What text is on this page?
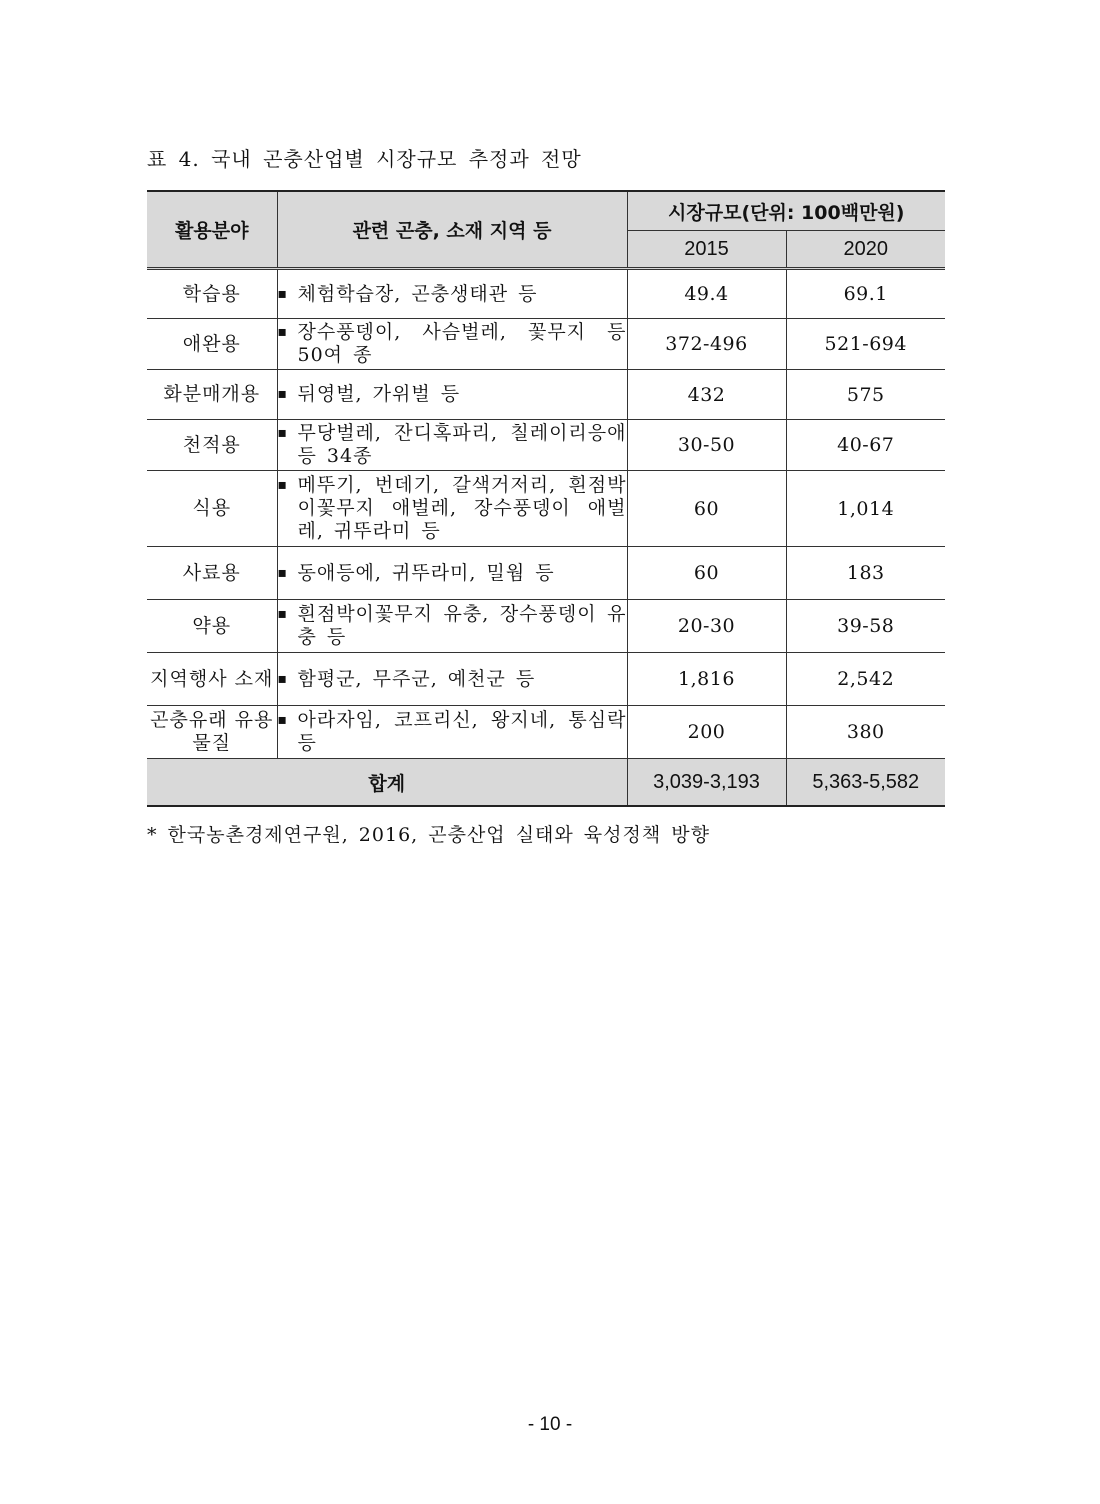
표 4. 국내 곤충산업별 시장규모 추정과 전망
활용분야	관련 곤충, 소재 지역 등	시장규모(단위: 100백만원)	
		2015	2020
학습용	▪ 체험학습장, 곤충생태관 등	49.4	69.1
애완용	▪ 장수풍뎅이, 사슴벌레, 꽃무지 등 50여 종	372-496	521-694
화분매개용	▪ 뒤영벌, 가위벌 등	432	575
천적용	▪ 무당벌레, 잔디혹파리, 칠레이리응애 등 34종	30-50	40-67
식용	▪ 메뚜기, 번데기, 갈색거저리, 흰점박이꽃무지 애벌레, 장수풍뎅이 애벌레, 귀뚜라미 등	60	1,014
사료용	▪ 동애등에, 귀뚜라미, 밀웜 등	60	183
약용	▪ 흰점박이꽃무지 유충, 장수풍뎅이 유충 등	20-30	39-58
지역행사 소재	▪ 함평군, 무주군, 예천군 등	1,816	2,542
곤충유래 유용물질	▪ 아라자임, 코프리신, 왕지네, 통심락 등	200	380
합계		3,039-3,193	5,363-5,582
* 한국농촌경제연구원, 2016, 곤충산업 실태와 육성정책 방향
- 10 -
